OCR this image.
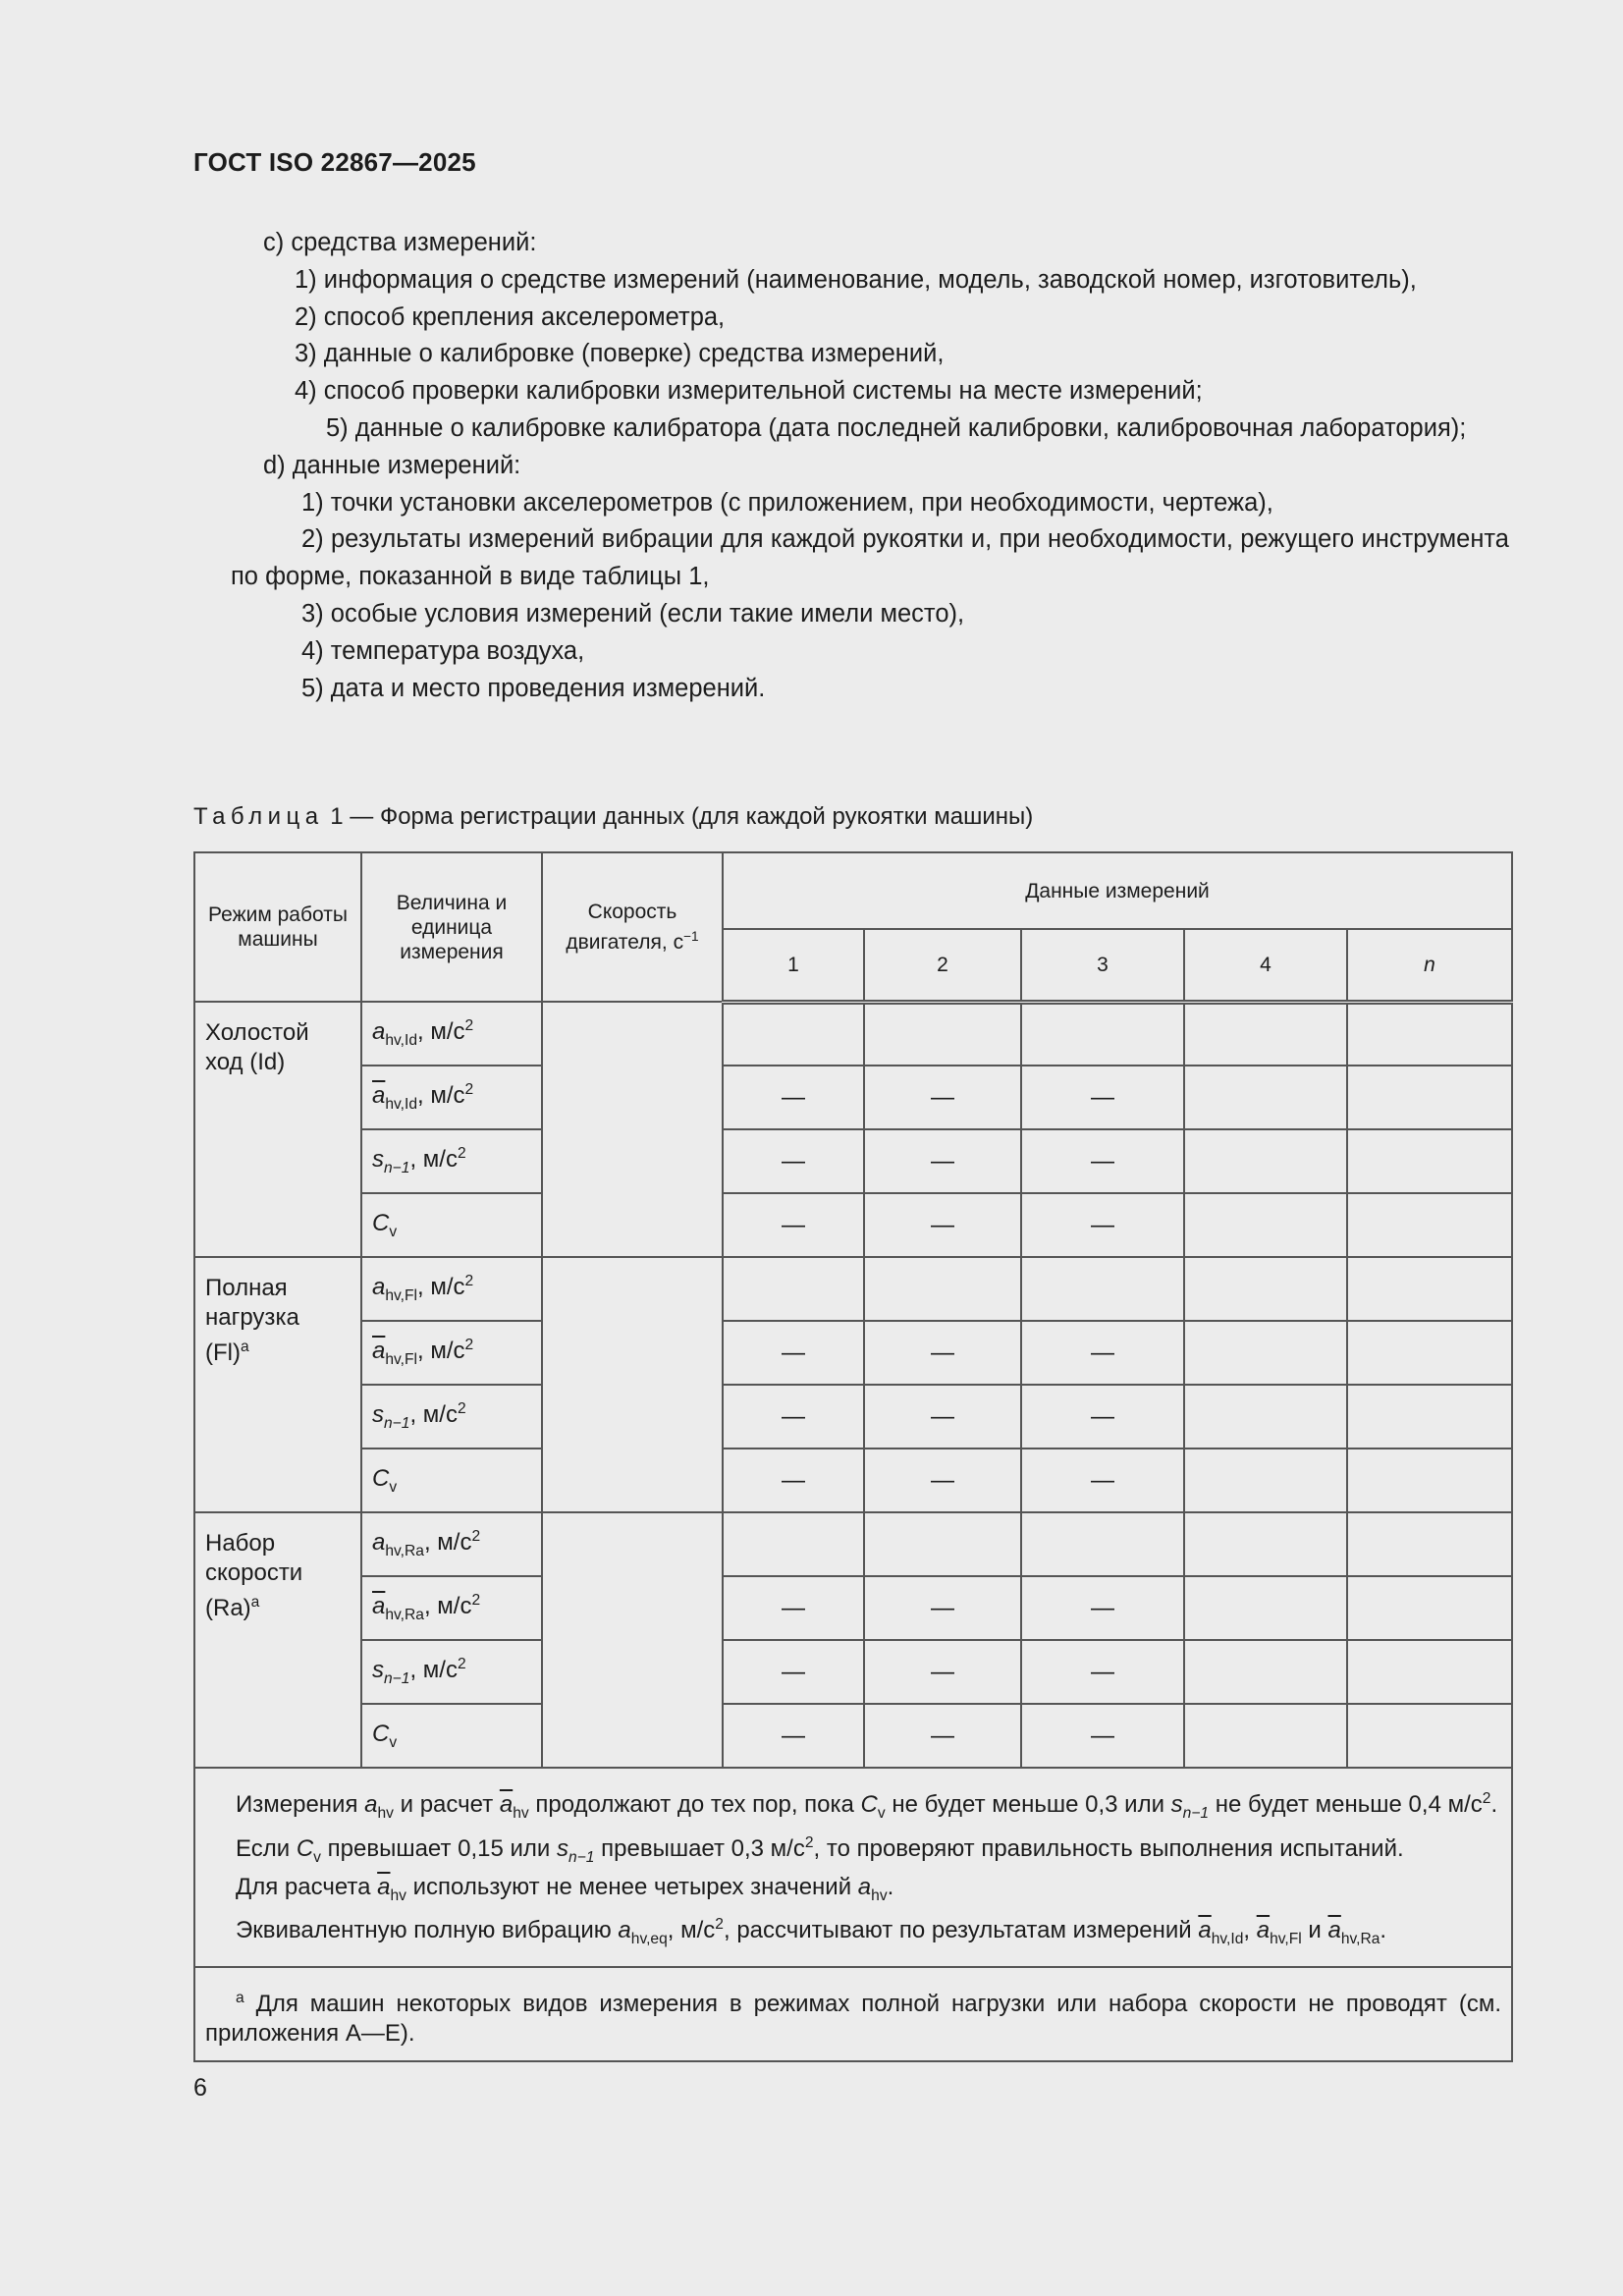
ГОСТ ISO 22867—2025

c) средства измерений:

1) информация о средстве измерений (наименование, модель, заводской номер, изготовитель),

2) способ крепления акселерометра,

3) данные о калибровке (поверке) средства измерений,

4) способ проверки калибровки измерительной системы на месте измерений;

5) данные о калибровке калибратора (дата последней калибровки, калибровочная лаборатория);

d) данные измерений:

1) точки установки акселерометров (с приложением, при необходимости, чертежа),

2) результаты измерений вибрации для каждой рукоятки и, при необходимости, режущего инструмента по форме, показанной в виде таблицы 1,

3) особые условия измерений (если такие имели место),

4) температура воздуха,

5) дата и место проведения измерений.

Таблица 1 — Форма регистрации данных (для каждой рукоятки машины)
Режим работы машины	Величина и единица измерения	Скорость двигателя, $с^{-1}$	Данные измерений				
			1	2	3	4	n
Холостой
ход (Id)	$a_{hv,Id}$, $м/с^2$						
	$\overline{a}_{hv,Id}$, $м/с^2$		—	—	—		
	$s_{n-1}$, $м/с^2$		—	—	—		
	$C_v$		—	—	—		
Полная
нагрузка
$(Fl)^а$	$a_{hv,Fl}$, $м/с^2$						
	$\overline{a}_{hv,Fl}$, $м/с^2$		—	—	—		
	$s_{n-1}$, $м/с^2$		—	—	—		
	$C_v$		—	—	—		
Набор
скорости
$(Ra)^а$	$a_{hv,Ra}$, $м/с^2$						
	$\overline{a}_{hv,Ra}$, $м/с^2$		—	—	—		
	$s_{n-1}$, $м/с^2$		—	—	—		
	$C_v$		—	—	—		

Измерения $a_{hv}$ и расчет $\overline{a}_{hv}$ продолжают до тех пор, пока $C_v$ не будет меньше 0,3 или $s_{n-1}$ не будет меньше 0,4 $м/с^2$.

Если $C_v$ превышает 0,15 или $s_{n-1}$ превышает 0,3 $м/с^2$, то проверяют правильность выполнения испытаний.

Для расчета $\overline{a}_{hv}$ используют не менее четырех значений $a_{hv}$.

Эквивалентную полную вибрацию $a_{hv,eq}$, $м/с^2$, рассчитывают по результатам измерений $\overline{a}_{hv,Id}$, $\overline{a}_{hv,Fl}$ и $\overline{a}_{hv,Ra}$.							

$^а$ Для машин некоторых видов измерения в режимах полной нагрузки или набора скорости не проводят (см. приложения А—Е).							

6
